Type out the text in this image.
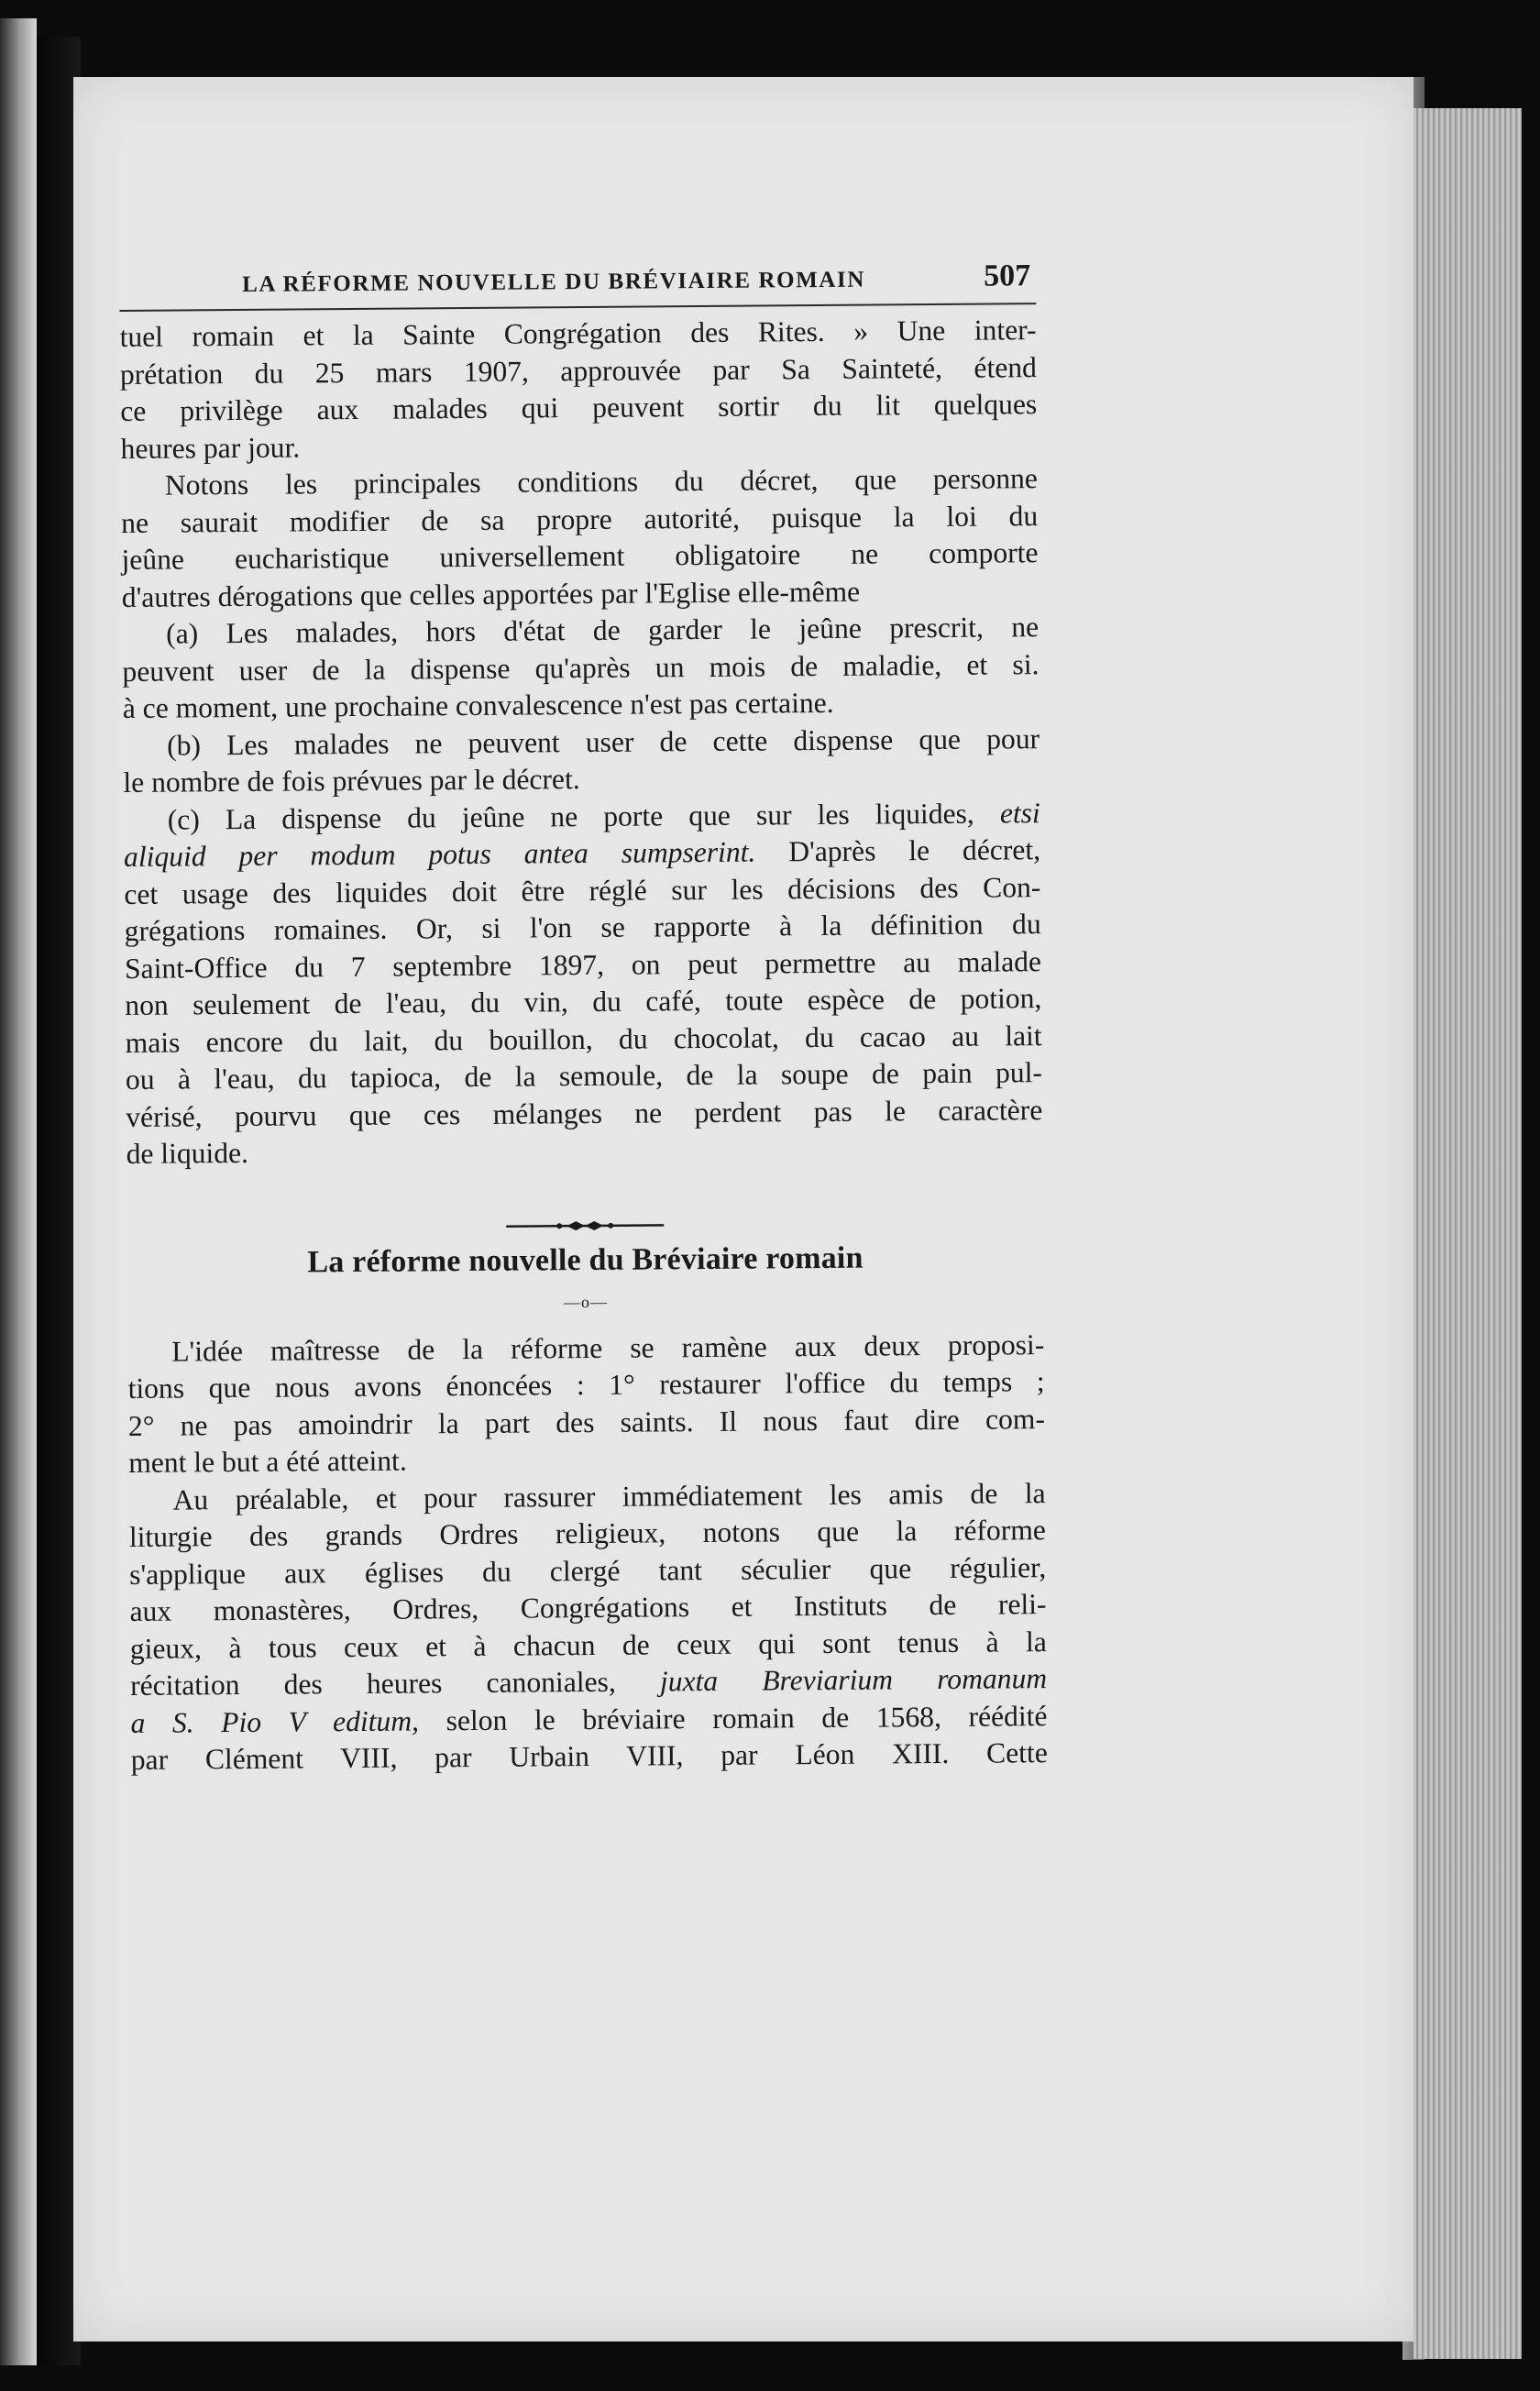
LA RÉFORME NOUVELLE DU BRÉVIAIRE ROMAIN	507

tuel romain et la Sainte Congrégation des Rites. » Une inter-

prétation du 25 mars 1907, approuvée par Sa Sainteté, étend

ce privilège aux malades qui peuvent sortir du lit quelques

heures par jour.

Notons les principales conditions du décret, que personne

ne saurait modifier de sa propre autorité, puisque la loi du

jeûne eucharistique universellement obligatoire ne comporte

d'autres dérogations que celles apportées par l'Eglise elle-même

(a) Les malades, hors d'état de garder le jeûne prescrit, ne

peuvent user de la dispense qu'après un mois de maladie, et si.

à ce moment, une prochaine convalescence n'est pas certaine.

(b) Les malades ne peuvent user de cette dispense que pour

le nombre de fois prévues par le décret.

(c) La dispense du jeûne ne porte que sur les liquides, etsi

aliquid per modum potus antea sumpserint. D'après le décret,

cet usage des liquides doit être réglé sur les décisions des Con-

grégations romaines. Or, si l'on se rapporte à la définition du

Saint-Office du 7 septembre 1897, on peut permettre au malade

non seulement de l'eau, du vin, du café, toute espèce de potion,

mais encore du lait, du bouillon, du chocolat, du cacao au lait

ou à l'eau, du tapioca, de la semoule, de la soupe de pain pul-

vérisé, pourvu que ces mélanges ne perdent pas le caractère

de liquide.

La réforme nouvelle du Bréviaire romain
—o—

L'idée maîtresse de la réforme se ramène aux deux proposi-

tions que nous avons énoncées : 1° restaurer l'office du temps ;

2° ne pas amoindrir la part des saints. Il nous faut dire com-

ment le but a été atteint.

Au préalable, et pour rassurer immédiatement les amis de la

liturgie des grands Ordres religieux, notons que la réforme

s'applique aux églises du clergé tant séculier que régulier,

aux monastères, Ordres, Congrégations et Instituts de reli-

gieux, à tous ceux et à chacun de ceux qui sont tenus à la

récitation des heures canoniales, juxta Breviarium romanum

a S. Pio V editum, selon le bréviaire romain de 1568, réédité

par Clément VIII, par Urbain VIII, par Léon XIII. Cette
